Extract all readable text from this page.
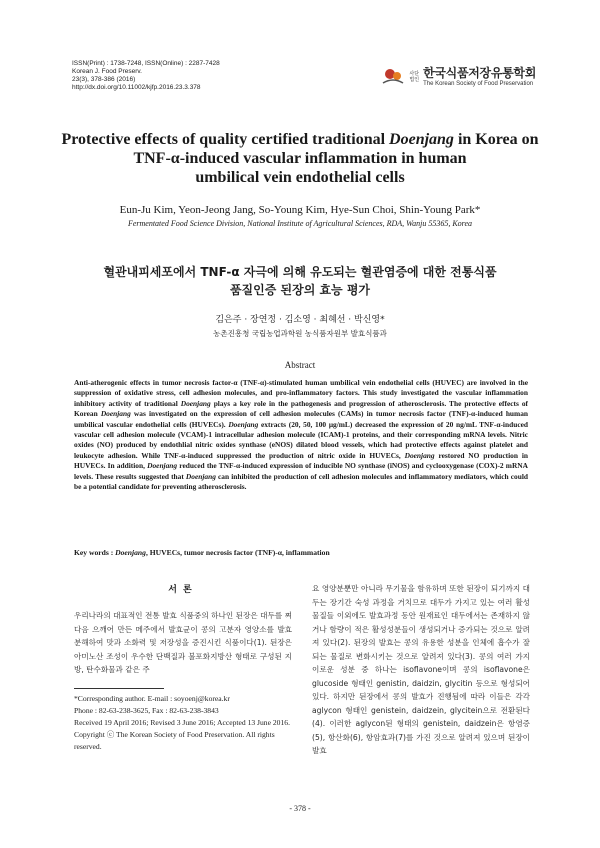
ISSN(Print) : 1738-7248, ISSN(Online) : 2287-7428
Korean J. Food Preserv.
23(3), 378-386 (2016)
http://dx.doi.org/10.11002/kjfp.2016.23.3.378
사단
법인
한국식품저장유통학회
The Korean Society of Food Preservation
Protective effects of quality certified traditional Doenjang in Korea on
TNF-α-induced vascular inflammation in human
umbilical vein endothelial cells
Eun-Ju Kim, Yeon-Jeong Jang, So-Young Kim, Hye-Sun Choi, Shin-Young Park*
Fermentated Food Science Division, National Institute of Agricultural Sciences, RDA, Wanju 55365, Korea
혈관내피세포에서 TNF-α 자극에 의해 유도되는 혈관염증에 대한 전통식품
품질인증 된장의 효능 평가
김은주 · 장연정 · 김소영 · 최혜선 · 박신영*
농촌진흥청 국립농업과학원 농식품자원부 발효식품과
Abstract

Anti-atherogenic effects in tumor necrosis factor-α (TNF-α)-stimulated human umbilical vein endothelial cells (HUVEC) are involved in the suppression of oxidative stress, cell adhesion molecules, and pro-inflammatory factors. This study investigated the vascular inflammation inhibitory activity of traditional Doenjang plays a key role in the pathogenesis and progression of atherosclerosis. The protective effects of Korean Doenjang was investigated on the expression of cell adhesion molecules (CAMs) in tumor necrosis factor (TNF)-α-induced human umbilical vascular endothelial cells (HUVECs). Doenjang extracts (20, 50, 100 μg/mL) decreased the expression of 20 ng/mL TNF-α-induced vascular cell adhesion molecule (VCAM)-1 intracellular adhesion molecule (ICAM)-1 proteins, and their corresponding mRNA levels. Nitric oxides (NO) produced by endothlial nitric oxides synthase (eNOS) dilated blood vessels, which had protective effects against platelet and leukocyte adhesion. While TNF-α-induced suppressed the production of nitric oxide in HUVECs, Doenjang restored NO production in HUVECs. In addition, Doenjang reduced the TNF-α-induced expression of inducible NO synthase (iNOS) and cyclooxygenase (COX)-2 mRNA levels. These results suggested that Doenjang can inhibited the production of cell adhesion molecules and inflammatory mediators, which could be a potential candidate for preventing atherosclerosis.

Key words : Doenjang, HUVECs, tumor necrosis factor (TNF)-α, inflammation
서론

우리나라의 대표적인 전통 발효 식품중의 하나인 된장은 대두를 쪄 다음 으깨어 만든 메주에서 발효균이 콩의 고분자 영양소를 발효 분해하여 맛과 소화력 및 저장성을 증진시킨 식품이다(1). 된장은 아미노산 조성이 우수한 단백질과 불포화지방산 형태로 구성된 지방, 탄수화물과 같은 주

요 영양분뿐만 아니라 무기물을 함유하며 또한 된장이 되기까지 대두는 장기간 숙성 과정을 거치므로 대두가 가지고 있는 여러 활성 물질들 이외에도 발효과정 동안 원재료인 대두에서는 존재하지 않거나 함량이 적은 활성성분들이 생성되거나 증가되는 것으로 알려져 있다(2). 된장의 발효는 콩의 유용한 성분을 인체에 흡수가 잘 되는 물질로 변화시키는 것으로 알려져 있다(3). 콩의 여러 가지 이로운 성분 중 하나는 isoflavone이며 콩의 isoflavone은 glucoside 형태인 genistin, daidzin, glycitin 등으로 형성되어 있다. 하지만 된장에서 콩의 발효가 진행됨에 따라 이들은 각각 aglycon 형태인 genistein, daidzein, glycitein으로 전환된다(4). 이러한 aglycon된 형태의 genistein, daidzein은 항염증(5), 항산화(6), 항암효과(7)를 가진 것으로 알려져 있으며 된장이 발효

*Corresponding author. E-mail : soyoenj@korea.kr
Phone : 82-63-238-3625, Fax : 82-63-238-3843
Received 19 April 2016; Revised 3 June 2016; Accepted 13 June 2016.
Copyright ⓒ The Korean Society of Food Preservation. All rights reserved.
- 378 -
